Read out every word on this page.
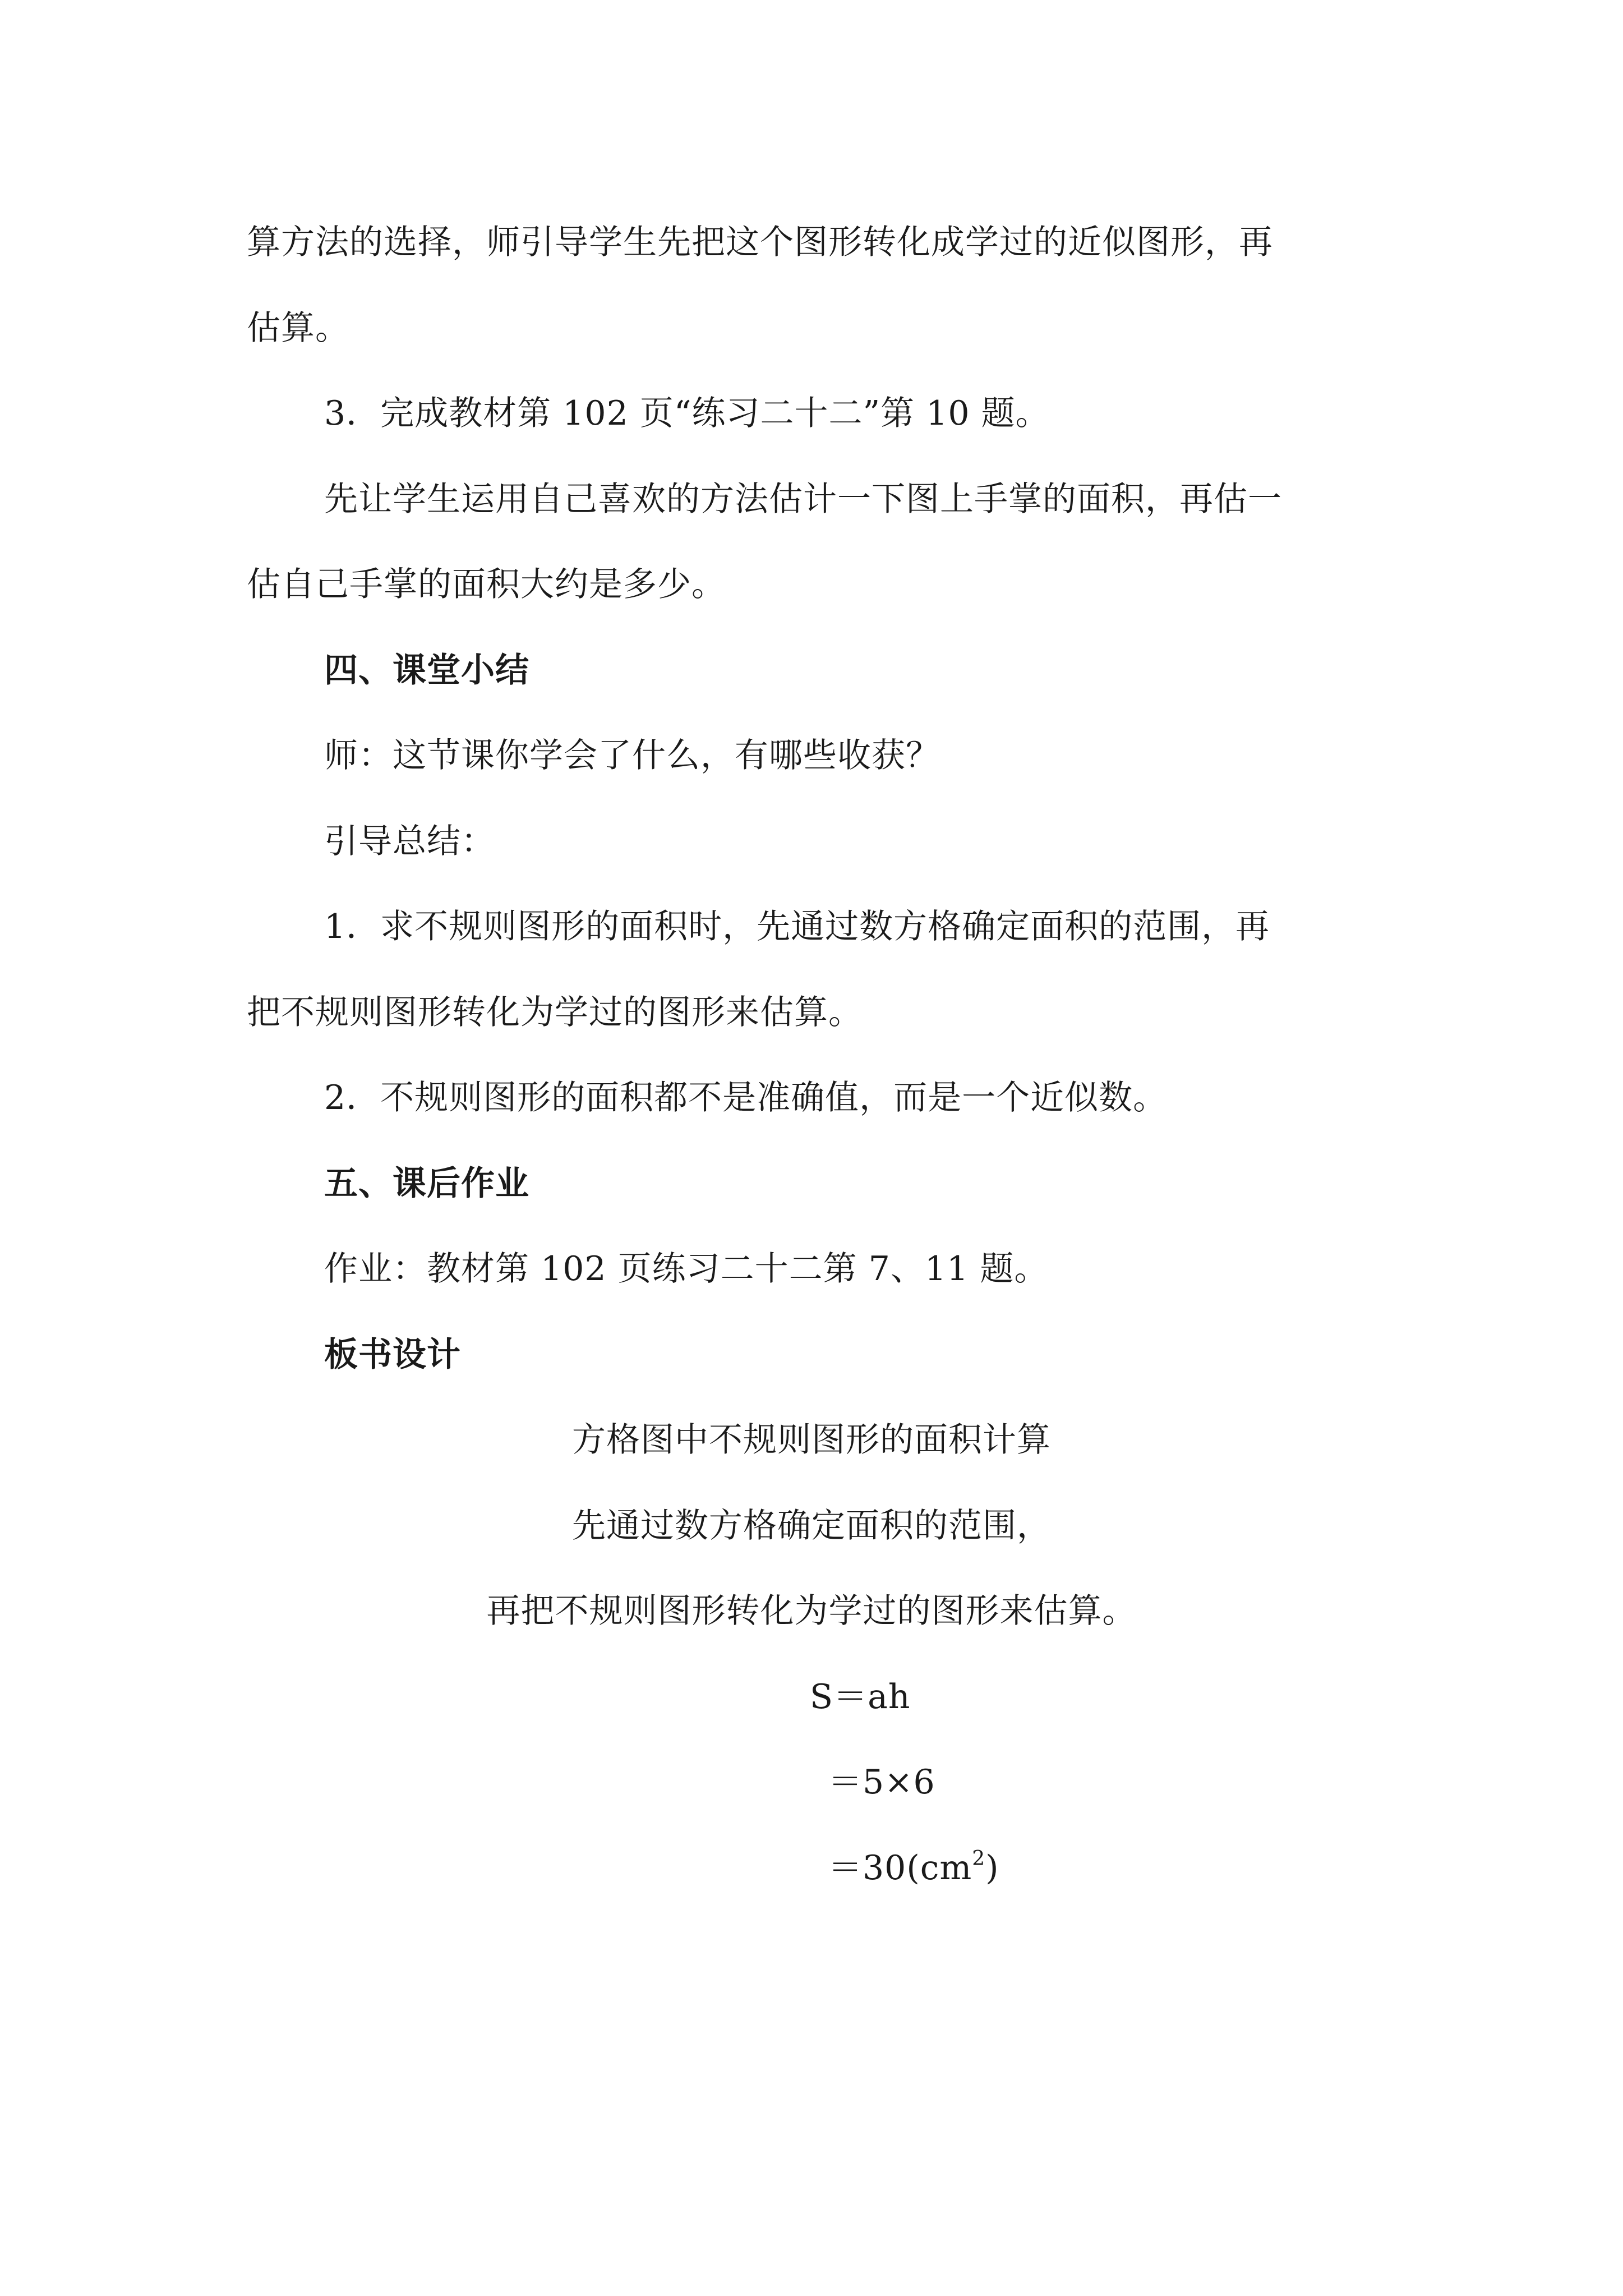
算方法的选择，师引导学生先把这个图形转化成学过的近似图形，再
估算。
3．完成教材第 102 页“练习二十二”第 10 题。
先让学生运用自己喜欢的方法估计一下图上手掌的面积，再估一
估自己手掌的面积大约是多少。
四、课堂小结
师：这节课你学会了什么，有哪些收获？
引导总结：
1．求不规则图形的面积时，先通过数方格确定面积的范围，再
把不规则图形转化为学过的图形来估算。
2．不规则图形的面积都不是准确值，而是一个近似数。
五、课后作业
作业：教材第 102 页练习二十二第 7、11 题。
板书设计
方格图中不规则图形的面积计算
先通过数方格确定面积的范围，
再把不规则图形转化为学过的图形来估算。
S＝ah
＝5×6
$=30(cm^2)$
